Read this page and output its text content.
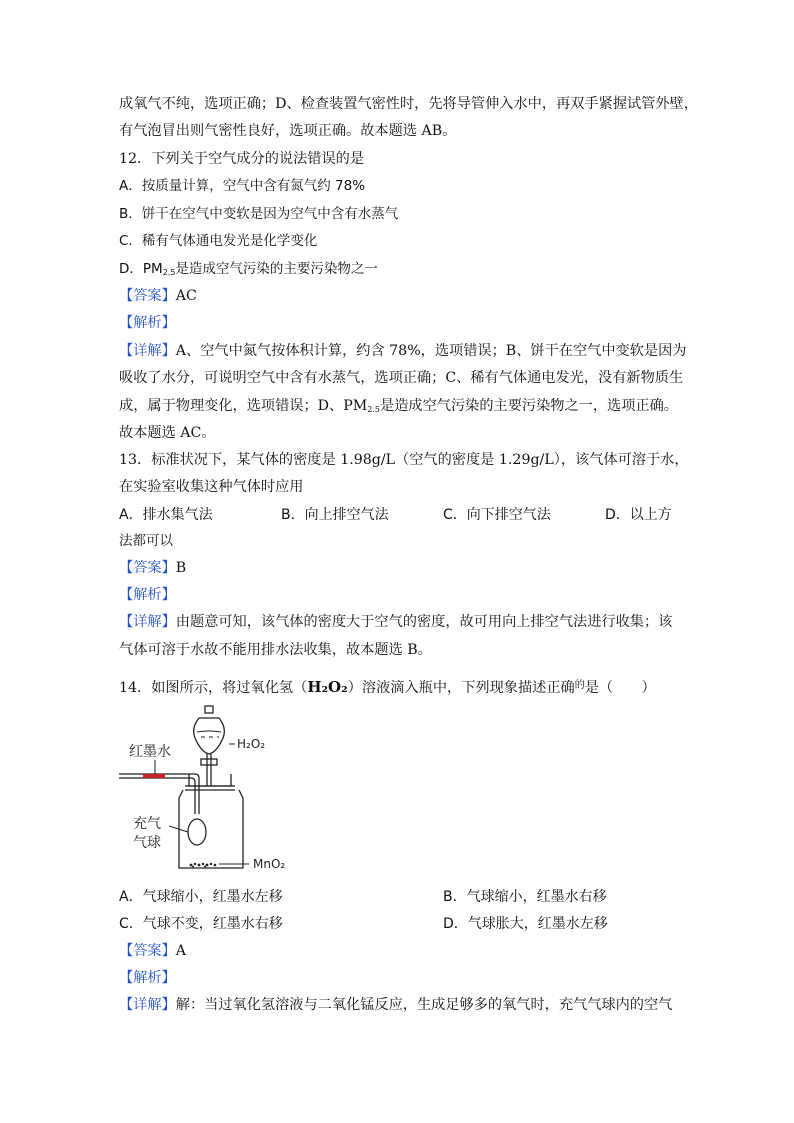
成氧气不纯，选项正确；D、检查装置气密性时，先将导管伸入水中，再双手紧握试管外壁，
有气泡冒出则气密性良好，选项正确。故本题选 AB。
12．下列关于空气成分的说法错误的是
A．按质量计算，空气中含有氮气约 78%
B．饼干在空气中变软是因为空气中含有水蒸气
C．稀有气体通电发光是化学变化
D．$PM_{2.5}$是造成空气污染的主要污染物之一
【答案】AC
【解析】
【详解】A、空气中氮气按体积计算，约含 78%，选项错误；B、饼干在空气中变软是因为
吸收了水分，可说明空气中含有水蒸气，选项正确；C、稀有气体通电发光，没有新物质生
成，属于物理变化，选项错误；D、$PM_{2.5}$是造成空气污染的主要污染物之一，选项正确。
故本题选 AC。
13．标准状况下，某气体的密度是 1.98g/L（空气的密度是 1.29g/L），该气体可溶于水，
在实验室收集这种气体时应用
A．排水集气法	B．向上排空气法	C．向下排空气法	D．以上方
法都可以
【答案】B
【解析】
【详解】由题意可知，该气体的密度大于空气的密度，故可用向上排空气法进行收集；该
气体可溶于水故不能用排水法收集，故本题选 B。
14．如图所示，将过氧化氢（H₂O₂）溶液滴入瓶中，下列现象描述正确$^的$是（　　）
红墨水	H₂O₂
充气
气球
MnO₂
A．气球缩小，红墨水左移	B．气球缩小，红墨水右移
C．气球不变，红墨水右移	D．气球胀大，红墨水左移
【答案】A
【解析】
【详解】解：当过氧化氢溶液与二氧化锰反应，生成足够多的氧气时，充气气球内的空气
